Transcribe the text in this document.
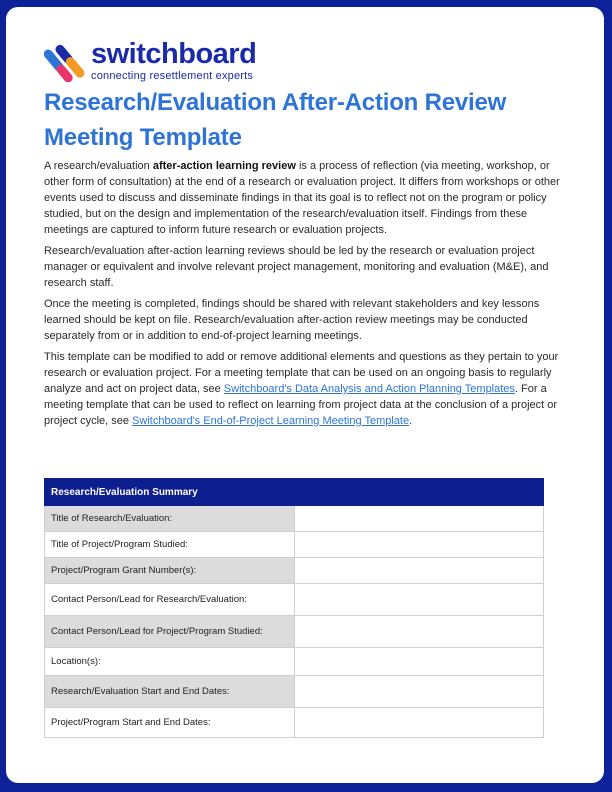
switchboard
connecting resettlement experts
Research/Evaluation After-Action Review Meeting Template

A research/evaluation after-action learning review is a process of reflection (via meeting, workshop, or other form of consultation) at the end of a research or evaluation project. It differs from workshops or other events used to discuss and disseminate findings in that its goal is to reflect not on the program or policy studied, but on the design and implementation of the research/evaluation itself. Findings from these meetings are captured to inform future research or evaluation projects.

Research/evaluation after-action learning reviews should be led by the research or evaluation project manager or equivalent and involve relevant project management, monitoring and evaluation (M&E), and research staff.

Once the meeting is completed, findings should be shared with relevant stakeholders and key lessons learned should be kept on file. Research/evaluation after-action review meetings may be conducted separately from or in addition to end-of-project learning meetings.

This template can be modified to add or remove additional elements and questions as they pertain to your research or evaluation project. For a meeting template that can be used on an ongoing basis to regularly analyze and act on project data, see Switchboard's Data Analysis and Action Planning Templates. For a meeting template that can be used to reflect on learning from project data at the conclusion of a project or project cycle, see Switchboard's End-of-Project Learning Meeting Template.

Research/Evaluation Summary	
Title of Research/Evaluation:	
Title of Project/Program Studied:	
Project/Program Grant Number(s):	
Contact Person/Lead for Research/Evaluation:	
Contact Person/Lead for Project/Program Studied:	
Location(s):	
Research/Evaluation Start and End Dates:	
Project/Program Start and End Dates:	
